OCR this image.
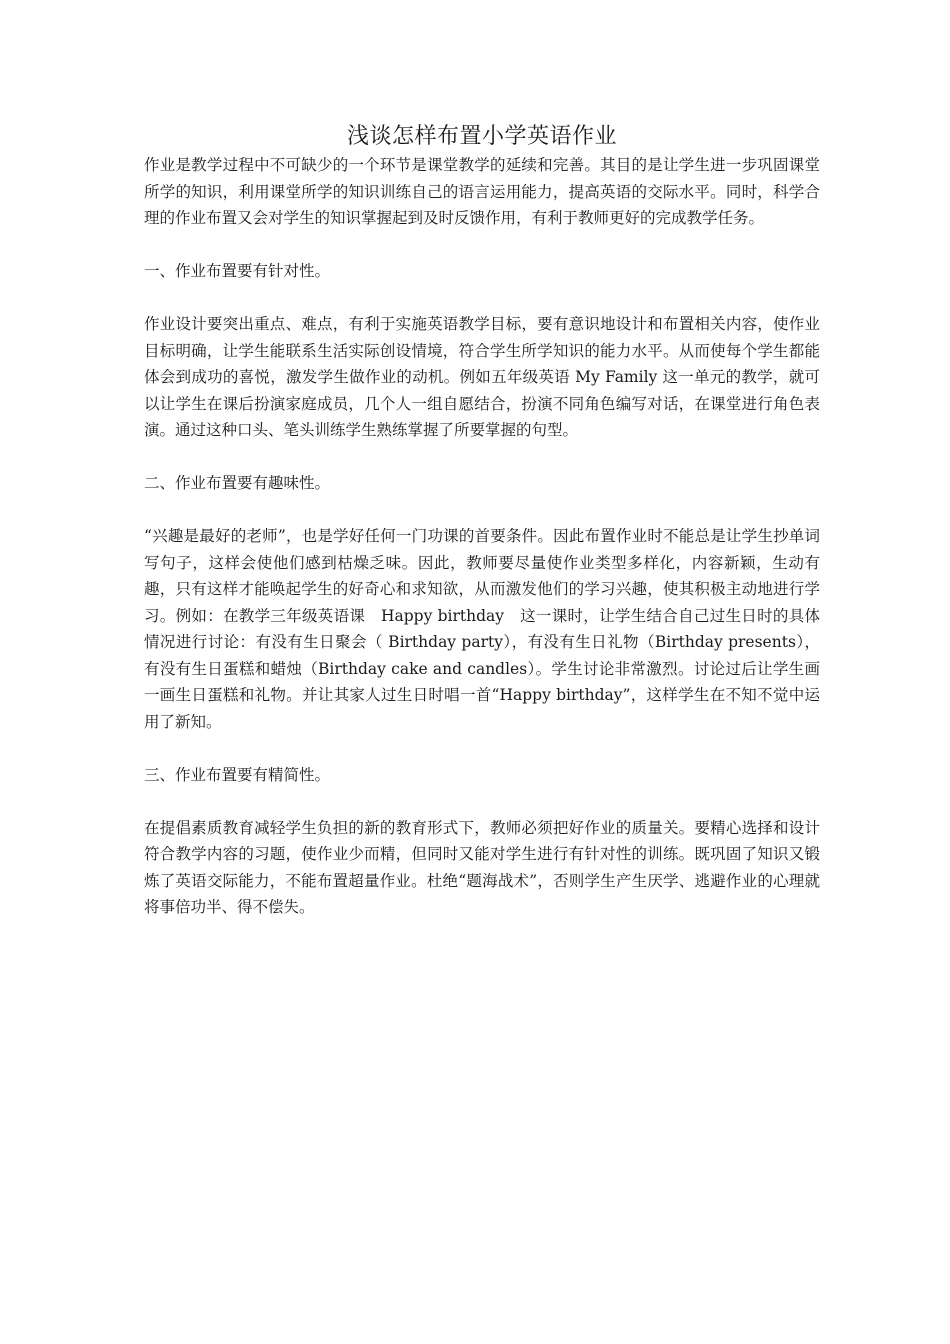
浅谈怎样布置小学英语作业

作业是教学过程中不可缺少的一个环节是课堂教学的延续和完善。其目的是让学生进一步巩固课堂所学的知识，利用课堂所学的知识训练自己的语言运用能力，提高英语的交际水平。同时，科学合理的作业布置又会对学生的知识掌握起到及时反馈作用，有利于教师更好的完成教学任务。

一、作业布置要有针对性。

作业设计要突出重点、难点，有利于实施英语教学目标，要有意识地设计和布置相关内容，使作业目标明确，让学生能联系生活实际创设情境，符合学生所学知识的能力水平。从而使每个学生都能体会到成功的喜悦，激发学生做作业的动机。例如五年级英语 My Family 这一单元的教学，就可以让学生在课后扮演家庭成员，几个人一组自愿结合，扮演不同角色编写对话，在课堂进行角色表演。通过这种口头、笔头训练学生熟练掌握了所要掌握的句型。

二、作业布置要有趣味性。

“兴趣是最好的老师”，也是学好任何一门功课的首要条件。因此布置作业时不能总是让学生抄单词写句子，这样会使他们感到枯燥乏味。因此，教师要尽量使作业类型多样化，内容新颖，生动有趣，只有这样才能唤起学生的好奇心和求知欲，从而激发他们的学习兴趣，使其积极主动地进行学习。例如：在教学三年级英语课　Happy birthday　这一课时，让学生结合自己过生日时的具体情况进行讨论：有没有生日聚会（ Birthday party），有没有生日礼物（Birthday presents），有没有生日蛋糕和蜡烛（Birthday cake and candles）。学生讨论非常激烈。讨论过后让学生画一画生日蛋糕和礼物。并让其家人过生日时唱一首“Happy birthday”，这样学生在不知不觉中运用了新知。

三、作业布置要有精简性。

在提倡素质教育减轻学生负担的新的教育形式下，教师必须把好作业的质量关。要精心选择和设计符合教学内容的习题，使作业少而精，但同时又能对学生进行有针对性的训练。既巩固了知识又锻炼了英语交际能力，不能布置超量作业。杜绝“题海战术”，否则学生产生厌学、逃避作业的心理就将事倍功半、得不偿失。
